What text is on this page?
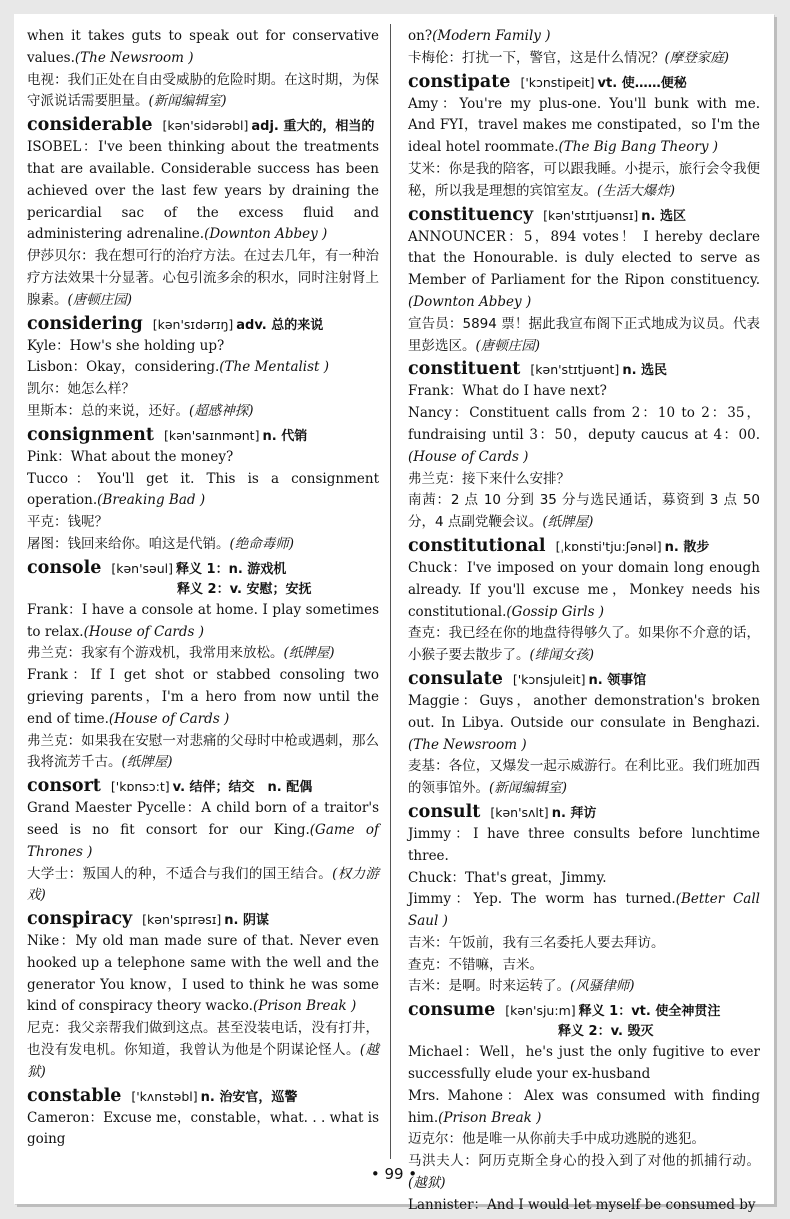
when it takes guts to speak out for conservative values.(The Newsroom )

电视：我们正处在自由受威胁的危险时期。在这时期，为保守派说话需要胆量。(新闻编辑室)

considerable [kən'sidərəbl] adj. 重大的，相当的

ISOBEL：I've been thinking about the treatments that are available. Considerable success has been achieved over the last few years by draining the pericardial sac of the excess fluid and administering adrenaline.(Downton Abbey )

伊莎贝尔：我在想可行的治疗方法。在过去几年，有一种治疗方法效果十分显著。心包引流多余的积水，同时注射肾上腺素。(唐顿庄园)

considering [kən'sɪdərɪŋ] adv. 总的来说

Kyle：How's she holding up?

Lisbon：Okay，considering.(The Mentalist )

凯尔：她怎么样？

里斯本：总的来说，还好。(超感神探)

consignment [kən'saɪnmənt] n. 代销

Pink：What about the money?

Tucco：You'll get it. This is a consignment operation.(Breaking Bad )

平克：钱呢？

屠图：钱回来给你。咱这是代销。(绝命毒师)

console [kən'səul] 释义 1：n. 游戏机
释义 2：v. 安慰；安抚

Frank：I have a console at home. I play sometimes to relax.(House of Cards )

弗兰克：我家有个游戏机，我常用来放松。(纸牌屋)

Frank：If I get shot or stabbed consoling two grieving parents，I'm a hero from now until the end of time.(House of Cards )

弗兰克：如果我在安慰一对悲痛的父母时中枪或遇刺，那么我将流芳千古。(纸牌屋)

consort ['kɒnsɔ:t] v. 结伴；结交　n. 配偶

Grand Maester Pycelle：A child born of a traitor's seed is no fit consort for our King.(Game of Thrones )

大学士：叛国人的种，不适合与我们的国王结合。(权力游戏)

conspiracy [kən'spɪrəsɪ] n. 阴谋

Nike：My old man made sure of that. Never even hooked up a telephone same with the well and the generator You know，I used to think he was some kind of conspiracy theory wacko.(Prison Break )

尼克：我父亲帮我们做到这点。甚至没装电话，没有打井，也没有发电机。你知道，我曾认为他是个阴谋论怪人。(越狱)

constable ['kʌnstəbl] n. 治安官，巡警

Cameron：Excuse me，constable，what. . . what is going

on?(Modern Family )

卡梅伦：打扰一下，警官，这是什么情况？(摩登家庭)

constipate ['kɔnstipeit] vt. 使……便秘

Amy：You're my plus-one. You'll bunk with me. And FYI，travel makes me constipated，so I'm the ideal hotel roommate.(The Big Bang Theory )

艾米：你是我的陪客，可以跟我睡。小提示，旅行会令我便秘，所以我是理想的宾馆室友。(生活大爆炸)

constituency [kən'stɪtjuənsɪ] n. 选区

ANNOUNCER：5，894 votes！ I hereby declare that the Honourable. is duly elected to serve as Member of Parliament for the Ripon constituency.(Downton Abbey )

宣告员：5894 票！据此我宣布阁下正式地成为议员。代表里彭选区。(唐顿庄园)

constituent [kən'stɪtjuənt] n. 选民

Frank：What do I have next?

Nancy：Constituent calls from 2：10 to 2：35，fundraising until 3：50，deputy caucus at 4：00.(House of Cards )

弗兰克：接下来什么安排？

南茜：2 点 10 分到 35 分与选民通话，募资到 3 点 50 分，4 点副党鞭会议。(纸牌屋)

constitutional [ˌkɒnsti'tju:ʃənəl] n. 散步

Chuck：I've imposed on your domain long enough already. If you'll excuse me，Monkey needs his constitutional.(Gossip Girls )

查克：我已经在你的地盘待得够久了。如果你不介意的话，小猴子要去散步了。(绯闻女孩)

consulate ['kɔnsjuleit] n. 领事馆

Maggie：Guys，another demonstration's broken out. In Libya. Outside our consulate in Benghazi.(The Newsroom )

麦基：各位，又爆发一起示威游行。在利比亚。我们班加西的领事馆外。(新闻编辑室)

consult [kən'sʌlt] n. 拜访

Jimmy：I have three consults before lunchtime three.

Chuck：That's great，Jimmy.

Jimmy：Yep. The worm has turned.(Better Call Saul )

吉米：午饭前，我有三名委托人要去拜访。

查克：不错嘛，吉米。

吉米：是啊。时来运转了。(风骚律师)

consume [kən'sju:m] 释义 1：vt. 使全神贯注
释义 2：v. 毁灭

Michael：Well，he's just the only fugitive to ever successfully elude your ex-husband

Mrs. Mahone：Alex was consumed with finding him.(Prison Break )

迈克尔：他是唯一从你前夫手中成功逃脱的逃犯。

马洪夫人：阿历克斯全身心的投入到了对他的抓捕行动。(越狱)

Lannister：And I would let myself be consumed by

• 99 •
